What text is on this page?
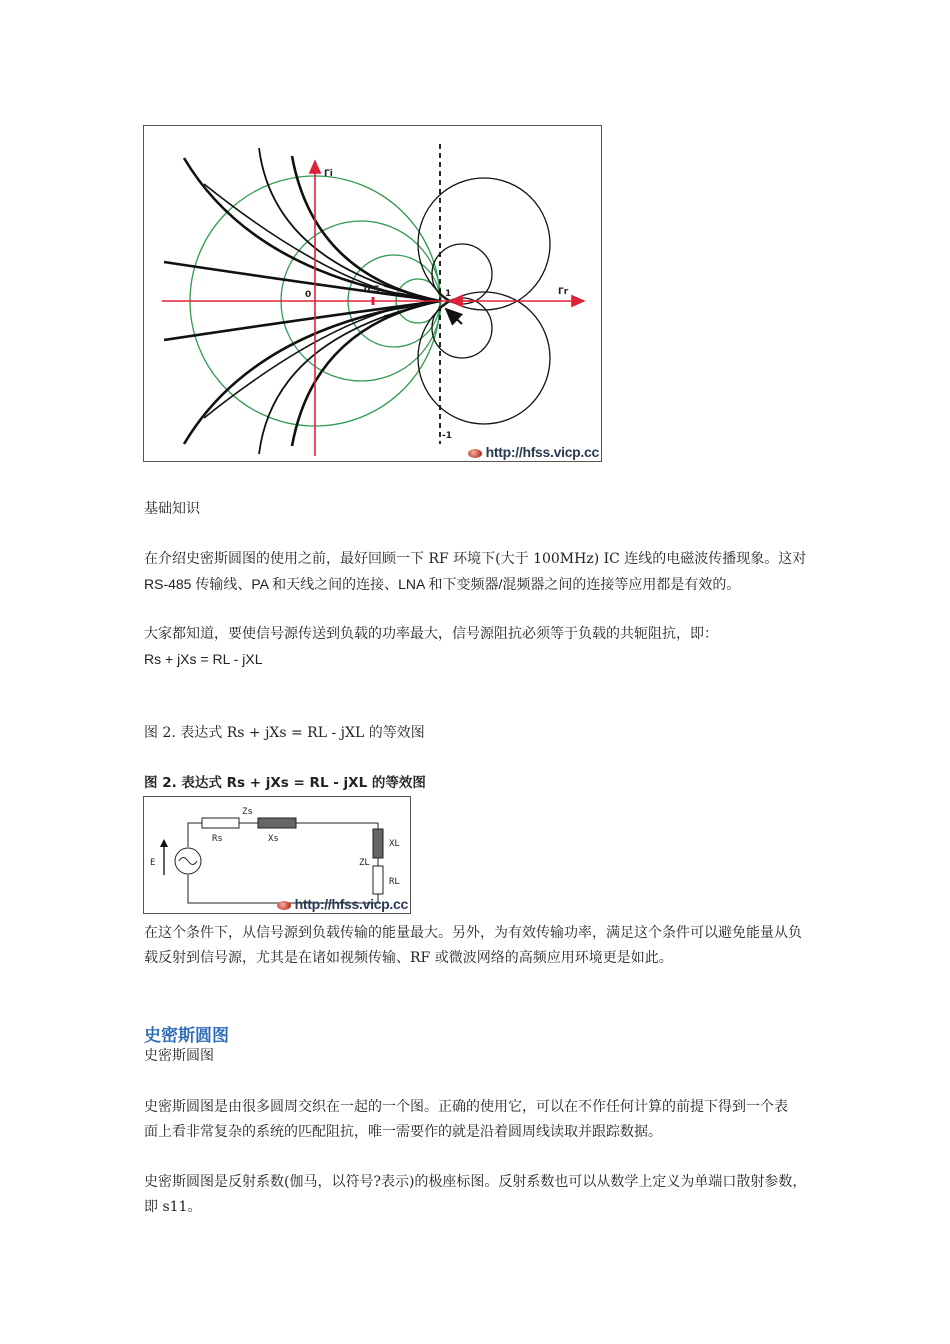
Γi
Γr
0	0.5	1
-1
http://hfss.vicp.cc
基础知识
在介绍史密斯圆图的使用之前，最好回顾一下 RF 环境下(大于 100MHz) IC 连线的电磁波传播现象。这对
RS-485 传输线、PA 和天线之间的连接、LNA 和下变频器/混频器之间的连接等应用都是有效的。
大家都知道，要使信号源传送到负载的功率最大，信号源阻抗必须等于负载的共轭阻抗，即：
Rs + jXs = RL - jXL
图 2. 表达式 Rs + jXs = RL - jXL 的等效图
图 2. 表达式 Rs + jXs = RL - jXL 的等效图
E
Zs
Rs	Xs	XL
ZL
RL
http://hfss.vicp.cc
在这个条件下，从信号源到负载传输的能量最大。另外，为有效传输功率，满足这个条件可以避免能量从负
载反射到信号源，尤其是在诸如视频传输、RF 或微波网络的高频应用环境更是如此。
史密斯圆图
史密斯圆图
史密斯圆图是由很多圆周交织在一起的一个图。正确的使用它，可以在不作任何计算的前提下得到一个表
面上看非常复杂的系统的匹配阻抗，唯一需要作的就是沿着圆周线读取并跟踪数据。
史密斯圆图是反射系数(伽马，以符号?表示)的极座标图。反射系数也可以从数学上定义为单端口散射参数，
即 s11。
